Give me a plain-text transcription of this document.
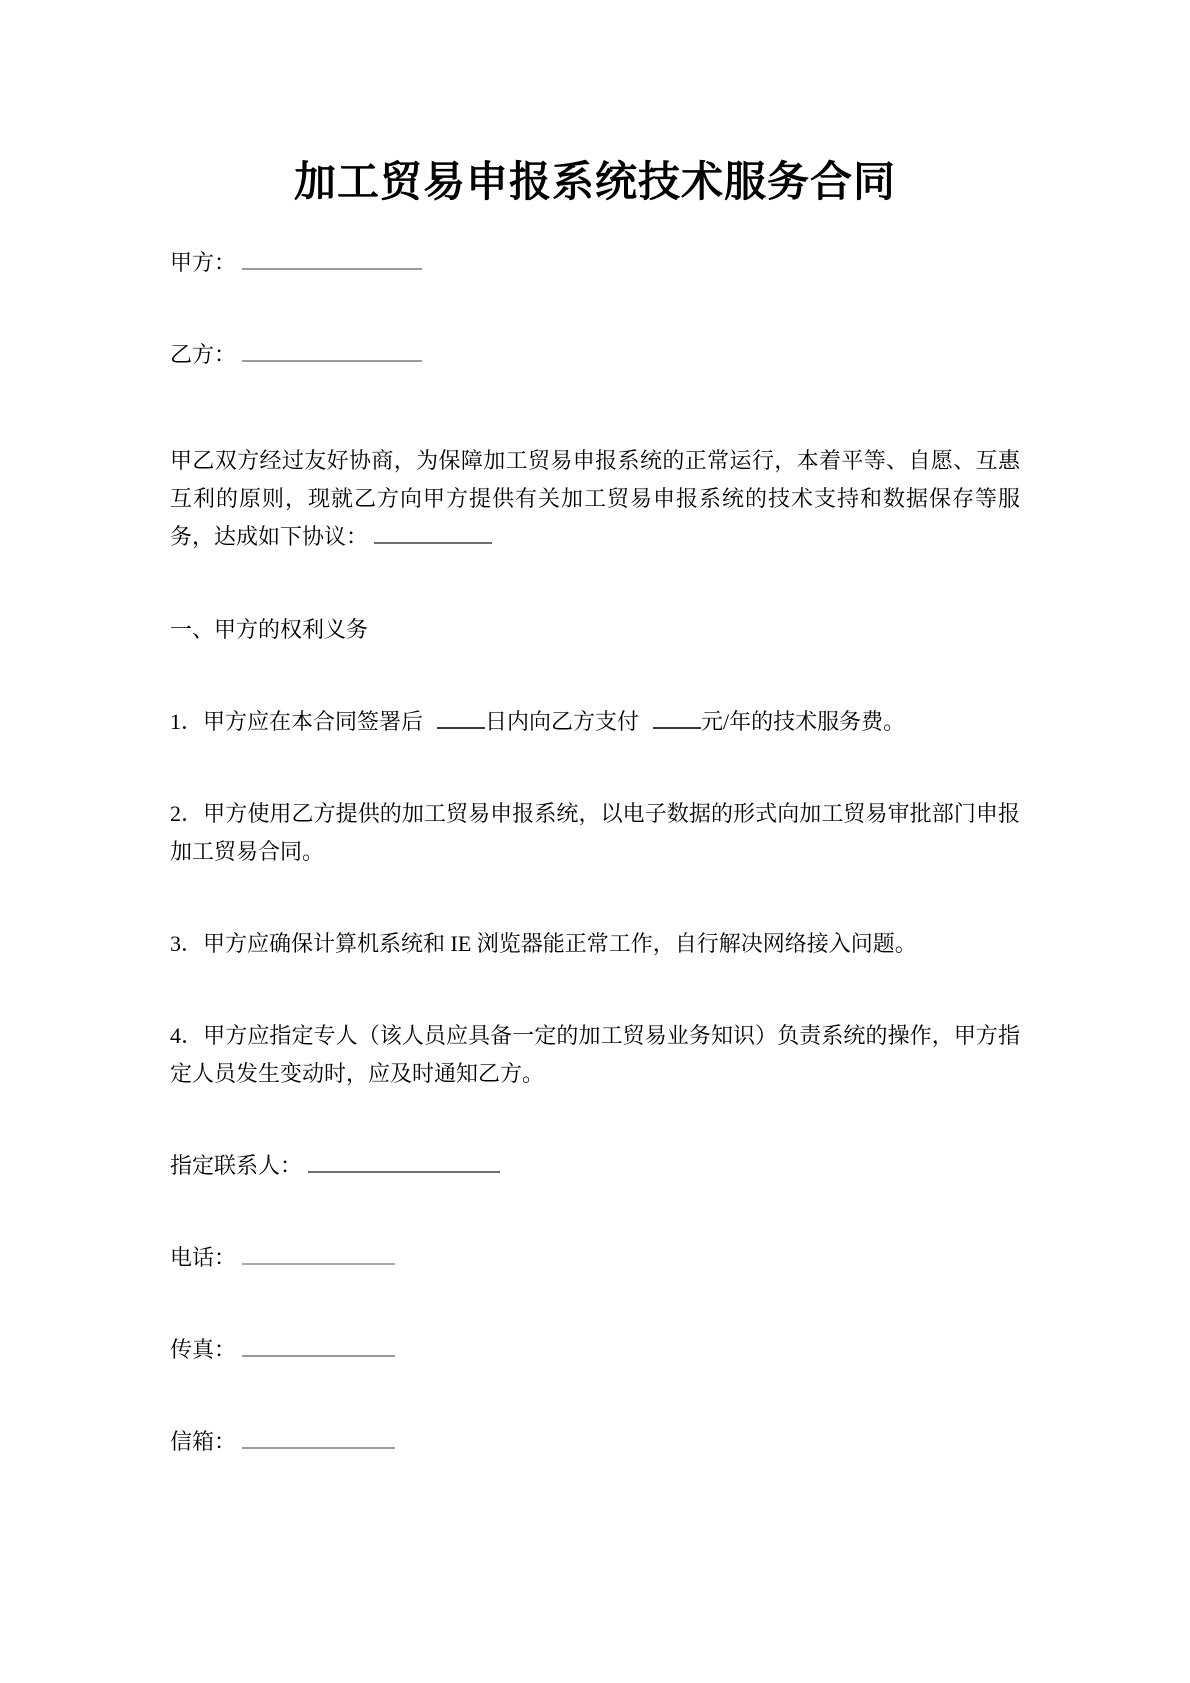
加工贸易申报系统技术服务合同
甲方：
乙方：
甲乙双方经过友好协商，为保障加工贸易申报系统的正常运行，本着平等、自愿、互惠互利的原则，现就乙方向甲方提供有关加工贸易申报系统的技术支持和数据保存等服务，达成如下协议：
一、甲方的权利义务
1．甲方应在本合同签署后	日内向乙方支付	元/年的技术服务费。
2．甲方使用乙方提供的加工贸易申报系统，以电子数据的形式向加工贸易审批部门申报加工贸易合同。
3．甲方应确保计算机系统和 IE 浏览器能正常工作，自行解决网络接入问题。
4．甲方应指定专人（该人员应具备一定的加工贸易业务知识）负责系统的操作，甲方指定人员发生变动时，应及时通知乙方。
指定联系人：
电话：
传真：
信箱：
